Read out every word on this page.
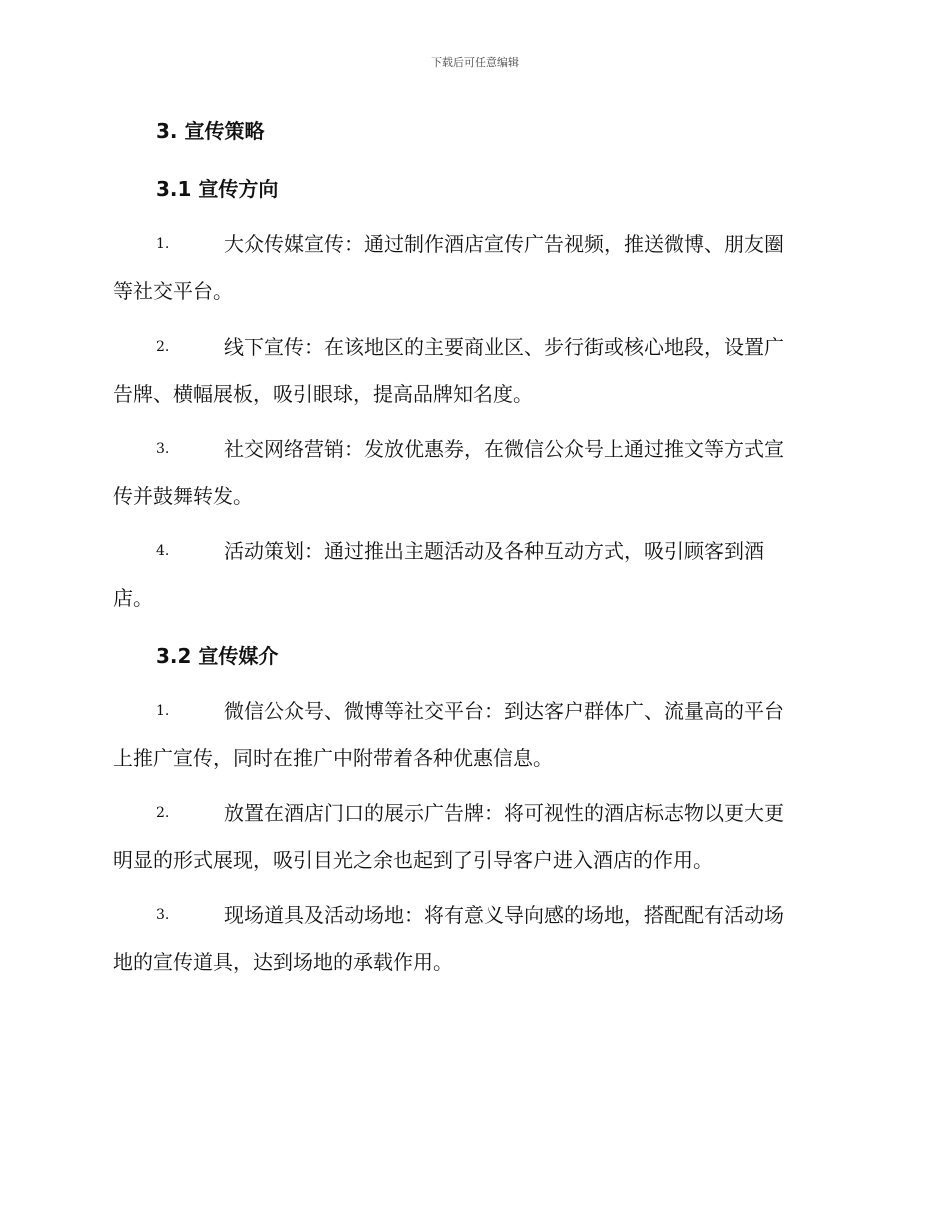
下载后可任意编辑
3. 宣传策略
3.1 宣传方向
1.	大众传媒宣传：通过制作酒店宣传广告视频，推送微博、朋友圈
等社交平台。
2.	线下宣传：在该地区的主要商业区、步行街或核心地段，设置广
告牌、横幅展板，吸引眼球，提高品牌知名度。
3.	社交网络营销：发放优惠券，在微信公众号上通过推文等方式宣
传并鼓舞转发。
4.	活动策划：通过推出主题活动及各种互动方式，吸引顾客到酒
店。
3.2 宣传媒介
1.	微信公众号、微博等社交平台：到达客户群体广、流量高的平台
上推广宣传，同时在推广中附带着各种优惠信息。
2.	放置在酒店门口的展示广告牌：将可视性的酒店标志物以更大更
明显的形式展现，吸引目光之余也起到了引导客户进入酒店的作用。
3.	现场道具及活动场地：将有意义导向感的场地，搭配配有活动场
地的宣传道具，达到场地的承载作用。
